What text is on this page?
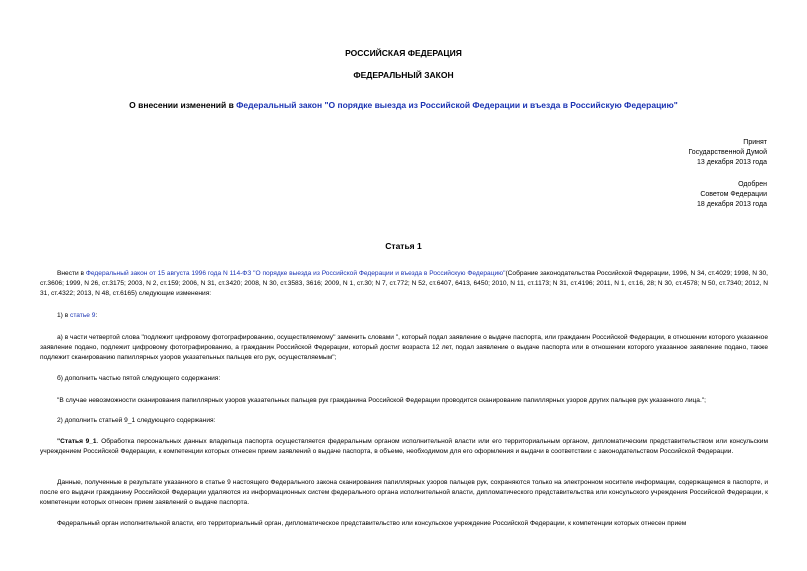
РОССИЙСКАЯ ФЕДЕРАЦИЯ
ФЕДЕРАЛЬНЫЙ ЗАКОН
О внесении изменений в Федеральный закон "О порядке выезда из Российской Федерации и въезда в Российскую Федерацию"
Принят
Государственной Думой
13 декабря 2013 года
Одобрен
Советом Федерации
18 декабря 2013 года
Статья 1
Внести в Федеральный закон от 15 августа 1996 года N 114-ФЗ "О порядке выезда из Российской Федерации и въезда в Российскую Федерацию"(Собрание законодательства Российской Федерации, 1996, N 34, ст.4029; 1998, N 30, ст.3606; 1999, N 26, ст.3175; 2003, N 2, ст.159; 2006, N 31, ст.3420; 2008, N 30, ст.3583, 3616; 2009, N 1, ст.30; N 7, ст.772; N 52, ст.6407, 6413, 6450; 2010, N 11, ст.1173; N 31, ст.4196; 2011, N 1, ст.16, 28; N 30, ст.4578; N 50, ст.7340; 2012, N 31, ст.4322; 2013, N 48, ст.6165) следующие изменения:
1) в статье 9:
а) в части четвертой слова "подлежит цифровому фотографированию, осуществляемому" заменить словами ", который подал заявление о выдаче паспорта, или гражданин Российской Федерации, в отношении которого указанное заявление подано, подлежит цифровому фотографированию, а гражданин Российской Федерации, который достиг возраста 12 лет, подал заявление о выдаче паспорта или в отношении которого указанное заявление подано, также подлежит сканированию папиллярных узоров указательных пальцев его рук, осуществляемым";
б) дополнить частью пятой следующего содержания:
"В случае невозможности сканирования папиллярных узоров указательных пальцев рук гражданина Российской Федерации проводится сканирование папиллярных узоров других пальцев рук указанного лица.";
2) дополнить статьей 9_1 следующего содержания:
"Статья 9_1. Обработка персональных данных владельца паспорта осуществляется федеральным органом исполнительной власти или его территориальным органом, дипломатическим представительством или консульским учреждением Российской Федерации, к компетенции которых отнесен прием заявлений о выдаче паспорта, в объеме, необходимом для его оформления и выдачи в соответствии с законодательством Российской Федерации.
Данные, полученные в результате указанного в статье 9 настоящего Федерального закона сканирования папиллярных узоров пальцев рук, сохраняются только на электронном носителе информации, содержащемся в паспорте, и после его выдачи гражданину Российской Федерации удаляются из информационных систем федерального органа исполнительной власти, дипломатического представительства или консульского учреждения Российской Федерации, к компетенции которых отнесен прием заявлений о выдаче паспорта.
Федеральный орган исполнительной власти, его территориальный орган, дипломатическое представительство или консульское учреждение Российской Федерации, к компетенции которых отнесен прием
